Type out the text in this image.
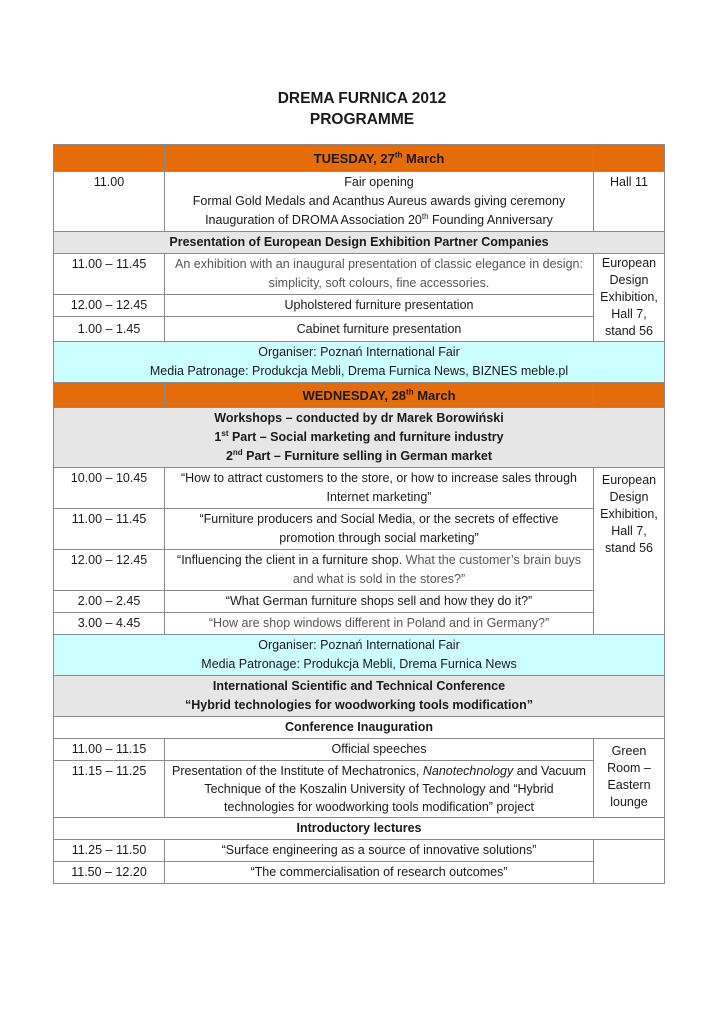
DREMA FURNICA 2012
PROGRAMME
	TUESDAY, 27th March	
11.00	Fair opening
Formal Gold Medals and Acanthus Aureus awards giving ceremony
Inauguration of DROMA Association 20th Founding Anniversary	Hall 11
Presentation of European Design Exhibition Partner Companies		
11.00 – 11.45	An exhibition with an inaugural presentation of classic elegance in design: simplicity, soft colours, fine accessories.	European
Design
Exhibition,
Hall 7,
stand 56

12.00 – 12.45	Upholstered furniture presentation	
1.00 – 1.45	Cabinet furniture presentation	

Organiser: Poznań International Fair
Media Patronage: Produkcja Mebli, Drema Furnica News, BIZNES meble.pl		

	WEDNESDAY, 28th March	

Workshops – conducted by dr Marek Borowiński
1st Part – Social marketing and furniture industry
2nd Part – Furniture selling in German market		

10.00 – 10.45	“How to attract customers to the store, or how to increase sales through Internet marketing”	European
Design
Exhibition,
Hall 7,
stand 56

11.00 – 11.45	“Furniture producers and Social Media, or the secrets of effective promotion through social marketing”	
12.00 – 12.45	“Influencing the client in a furniture shop. What the customer’s brain buys and what is sold in the stores?”	
2.00 – 2.45	“What German furniture shops sell and how they do it?”	
3.00 – 4.45	“How are shop windows different in Poland and in Germany?”	

Organiser: Poznań International Fair
Media Patronage: Produkcja Mebli, Drema Furnica News		

International Scientific and Technical Conference
“Hybrid technologies for woodworking tools modification”		

Conference Inauguration		
11.00 – 11.15	Official speeches	Green
Room –
Eastern
lounge

11.15 – 11.25	Presentation of the Institute of Mechatronics, Nanotechnology and Vacuum Technique of the Koszalin University of Technology and “Hybrid technologies for woodworking tools modification” project	
Introductory lectures		
11.25 – 11.50	“Surface engineering as a source of innovative solutions”	
11.50 – 12.20	“The commercialisation of research outcomes”	
